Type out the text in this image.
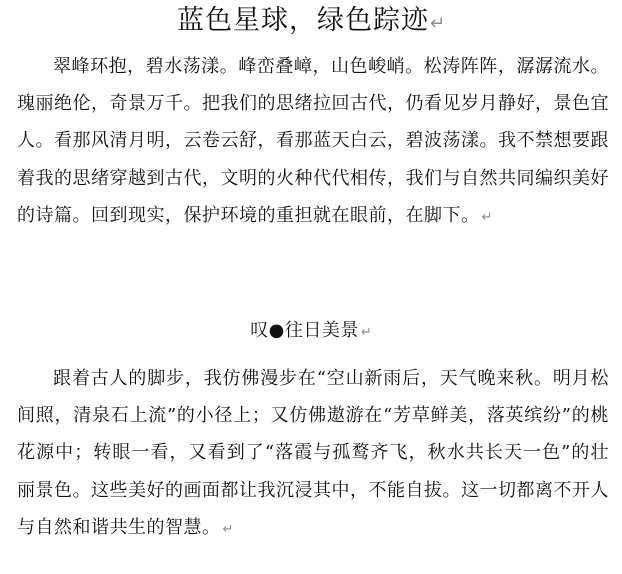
蓝色星球，绿色踪迹↵

翠峰环抱，碧水荡漾。峰峦叠嶂，山色峻峭。松涛阵阵，潺潺流水。瑰丽绝伦，奇景万千。把我们的思绪拉回古代，仍看见岁月静好，景色宜人。看那风清月明，云卷云舒，看那蓝天白云，碧波荡漾。我不禁想要跟着我的思绪穿越到古代，文明的火种代代相传，我们与自然共同编织美好的诗篇。回到现实，保护环境的重担就在眼前，在脚下。 ↵

叹●往日美景 ↵

跟着古人的脚步，我仿佛漫步在“空山新雨后，天气晚来秋。明月松间照，清泉石上流”的小径上；又仿佛遨游在“芳草鲜美，落英缤纷”的桃花源中；转眼一看，又看到了“落霞与孤鹜齐飞，秋水共长天一色”的壮丽景色。这些美好的画面都让我沉浸其中，不能自拔。这一切都离不开人与自然和谐共生的智慧。 ↵
